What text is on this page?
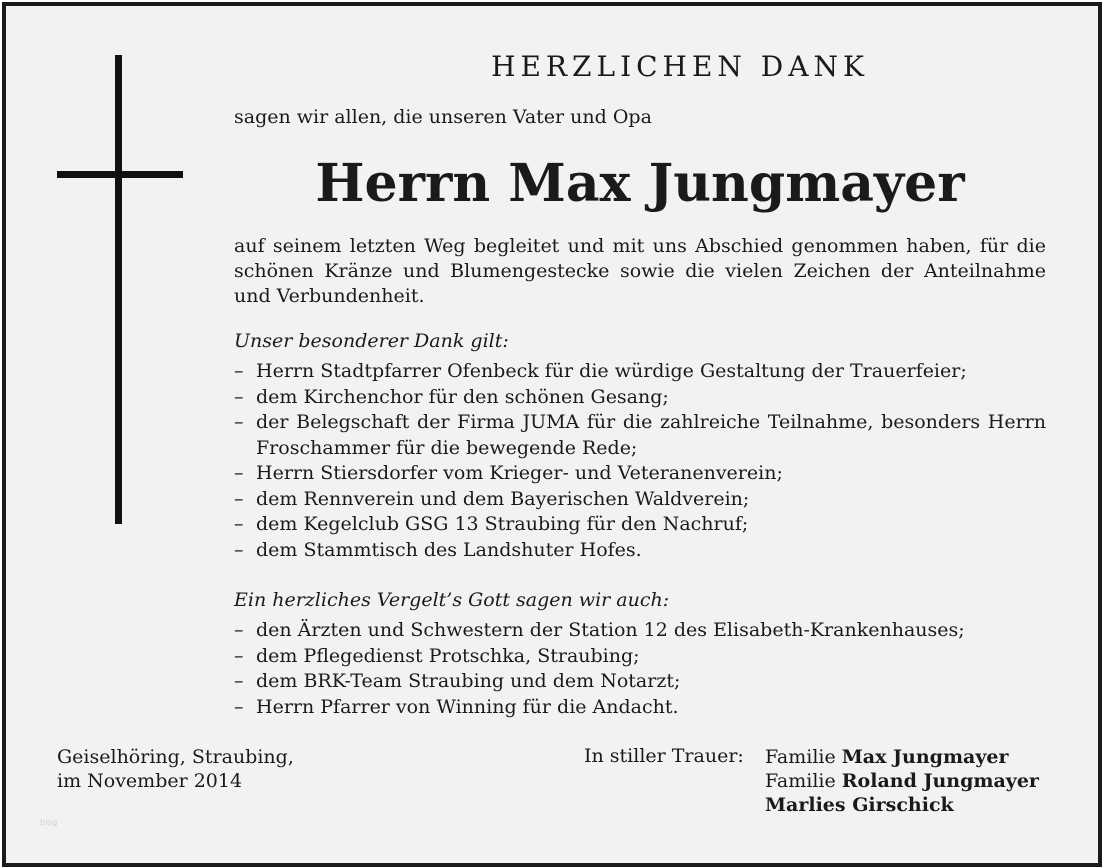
HERZLICHEN DANK
sagen wir allen, die unseren Vater und Opa
Herrn Max Jungmayer
auf seinem letzten Weg begleitet und mit uns Abschied genommen haben, für die schönen Kränze und Blumengestecke sowie die vielen Zeichen der Anteilnahme und Verbundenheit.
Unser besonderer Dank gilt:
– Herrn Stadtpfarrer Ofenbeck für die würdige Gestaltung der Trauerfeier;
– dem Kirchenchor für den schönen Gesang;
– der Belegschaft der Firma JUMA für die zahlreiche Teilnahme, besonders Herrn Froschammer für die bewegende Rede;
– Herrn Stiersdorfer vom Krieger- und Veteranenverein;
– dem Rennverein und dem Bayerischen Waldverein;
– dem Kegelclub GSG 13 Straubing für den Nachruf;
– dem Stammtisch des Landshuter Hofes.
Ein herzliches Vergelt’s Gott sagen wir auch:
– den Ärzten und Schwestern der Station 12 des Elisabeth-Krankenhauses;
– dem Pflegedienst Protschka, Straubing;
– dem BRK-Team Straubing und dem Notarzt;
– Herrn Pfarrer von Winning für die Andacht.
Geiselhöring, Straubing,
im November 2014
In stiller Trauer: Familie Max Jungmayer
Familie Roland Jungmayer
Marlies Girschick
blog
